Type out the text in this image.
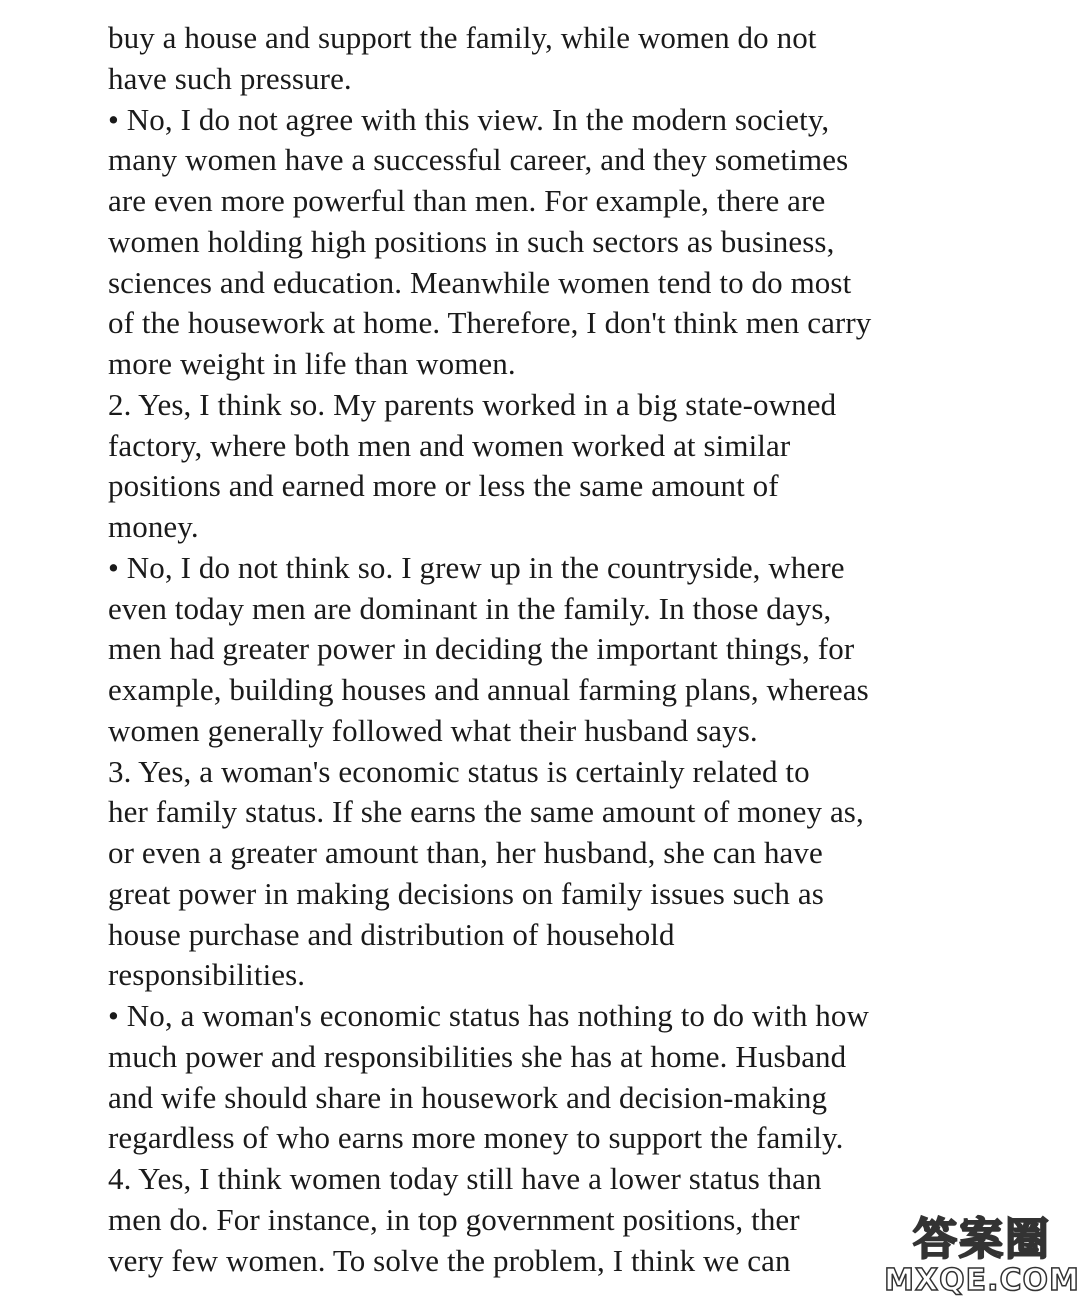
buy a house and support the family, while women do not
have such pressure.
• No, I do not agree with this view. In the modern society,
many women have a successful career, and they sometimes
are even more powerful than men. For example, there are
women holding high positions in such sectors as business,
sciences and education. Meanwhile women tend to do most
of the housework at home. Therefore, I don't think men carry
more weight in life than women.
2. Yes, I think so. My parents worked in a big state-owned
factory, where both men and women worked at similar
positions and earned more or less the same amount of
money.
• No, I do not think so. I grew up in the countryside, where
even today men are dominant in the family. In those days,
men had greater power in deciding the important things, for
example, building houses and annual farming plans, whereas
women generally followed what their husband says.
3. Yes, a woman's economic status is certainly related to
her family status. If she earns the same amount of money as,
or even a greater amount than, her husband, she can have
great power in making decisions on family issues such as
house purchase and distribution of household
responsibilities.
• No, a woman's economic status has nothing to do with how
much power and responsibilities she has at home. Husband
and wife should share in housework and decision-making
regardless of who earns more money to support the family.
4. Yes, I think women today still have a lower status than
men do. For instance, in top government positions, ther
very few women. To solve the problem, I think we can	答案圈
MXQE.COM
